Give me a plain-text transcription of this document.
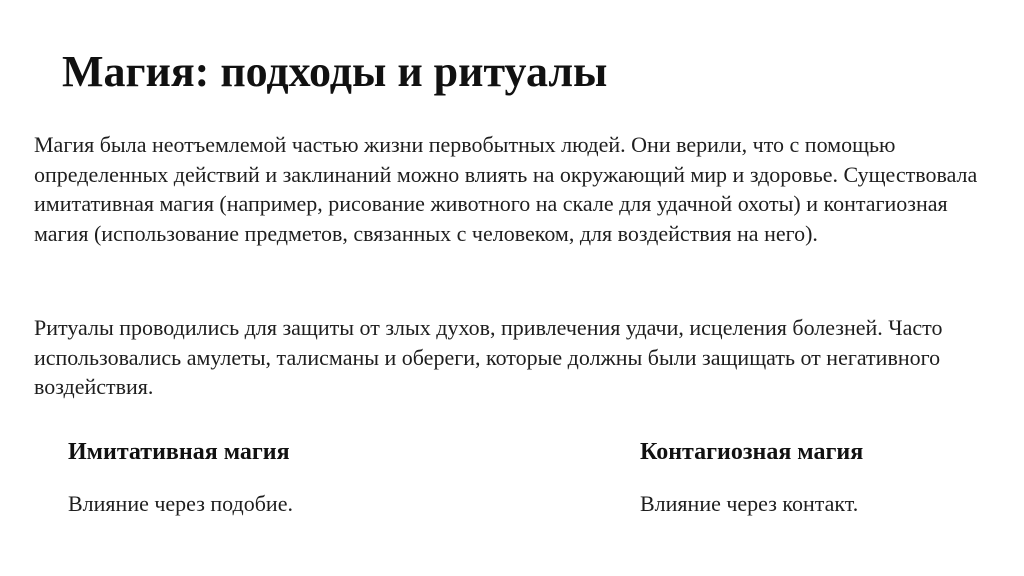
Магия: подходы и ритуалы

Магия была неотъемлемой частью жизни первобытных людей. Они верили, что с помощью определенных действий и заклинаний можно влиять на окружающий мир и здоровье. Существовала имитативная магия (например, рисование животного на скале для удачной охоты) и контагиозная магия (использование предметов, связанных с человеком, для воздействия на него).

Ритуалы проводились для защиты от злых духов, привлечения удачи, исцеления болезней. Часто использовались амулеты, талисманы и обереги, которые должны были защищать от негативного воздействия.

Имитативная магия

Влияние через подобие.

Контагиозная магия

Влияние через контакт.
